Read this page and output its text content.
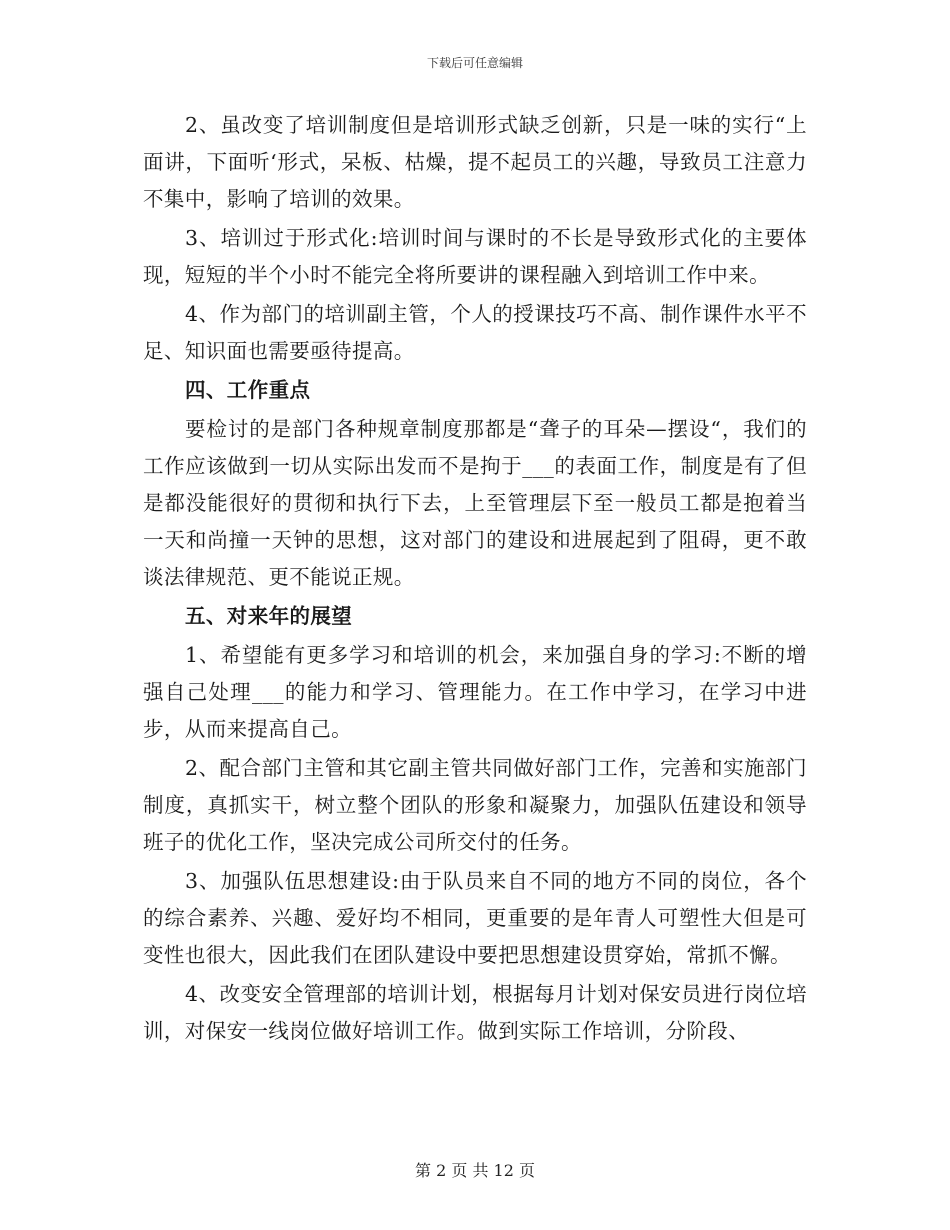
下载后可任意编辑

2、虽改变了培训制度但是培训形式缺乏创新，只是一味的实行“上面讲，下面听‘形式，呆板、枯燥，提不起员工的兴趣，导致员工注意力不集中，影响了培训的效果。

3、培训过于形式化:培训时间与课时的不长是导致形式化的主要体现，短短的半个小时不能完全将所要讲的课程融入到培训工作中来。

4、作为部门的培训副主管，个人的授课技巧不高、制作课件水平不足、知识面也需要亟待提高。

四、工作重点

要检讨的是部门各种规章制度那都是“聋子的耳朵—摆设“，我们的工作应该做到一切从实际出发而不是拘于___的表面工作，制度是有了但是都没能很好的贯彻和执行下去，上至管理层下至一般员工都是抱着当一天和尚撞一天钟的思想，这对部门的建设和进展起到了阻碍，更不敢谈法律规范、更不能说正规。

五、对来年的展望

1、希望能有更多学习和培训的机会，来加强自身的学习:不断的增强自己处理___的能力和学习、管理能力。在工作中学习，在学习中进步，从而来提高自己。

2、配合部门主管和其它副主管共同做好部门工作，完善和实施部门制度，真抓实干，树立整个团队的形象和凝聚力，加强队伍建设和领导班子的优化工作，坚决完成公司所交付的任务。

3、加强队伍思想建设:由于队员来自不同的地方不同的岗位，各个的综合素养、兴趣、爱好均不相同，更重要的是年青人可塑性大但是可变性也很大，因此我们在团队建设中要把思想建设贯穿始，常抓不懈。

4、改变安全管理部的培训计划，根据每月计划对保安员进行岗位培训，对保安一线岗位做好培训工作。做到实际工作培训，分阶段、

第 2 页 共 12 页
